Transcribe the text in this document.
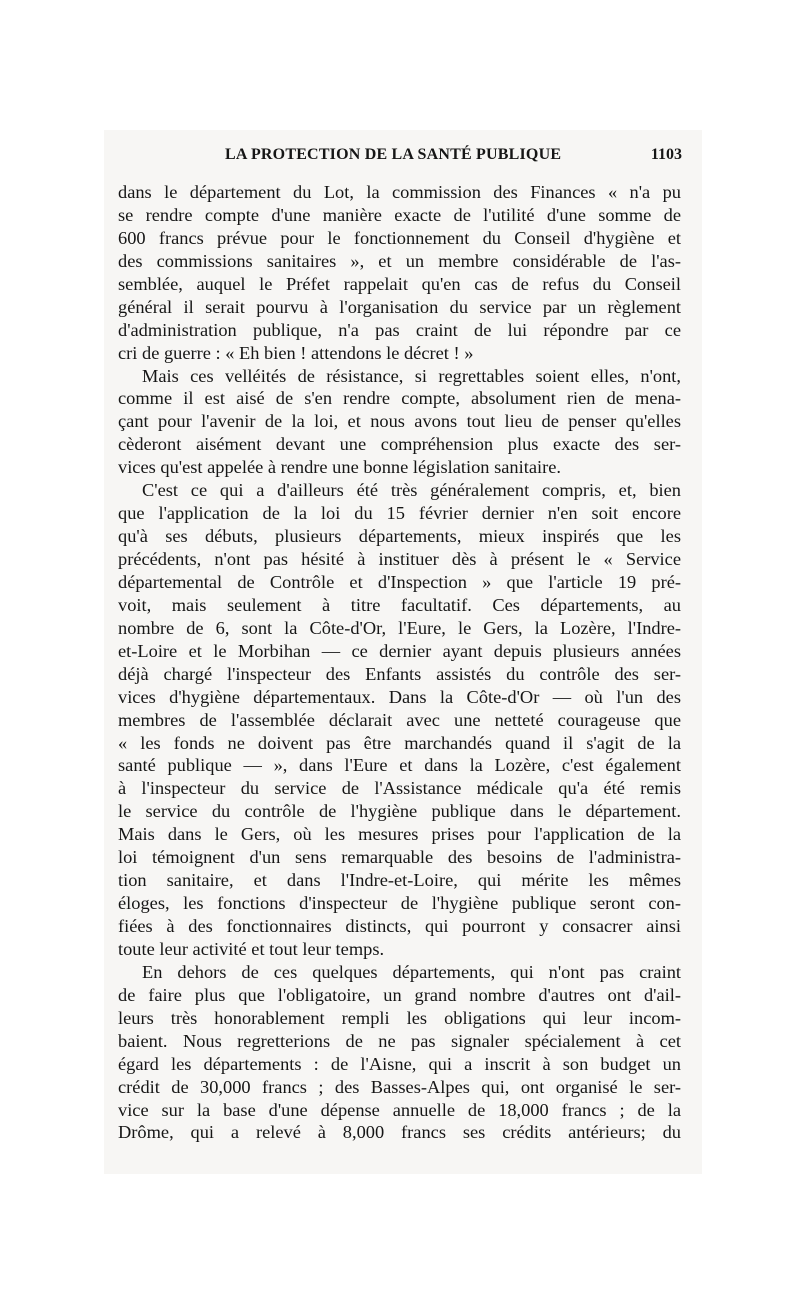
LA PROTECTION DE LA SANTÉ PUBLIQUE	1103
dans le département du Lot, la commission des Finances « n'a pu
se rendre compte d'une manière exacte de l'utilité d'une somme de
600 francs prévue pour le fonctionnement du Conseil d'hygiène et
des commissions sanitaires », et un membre considérable de l'as-
semblée, auquel le Préfet rappelait qu'en cas de refus du Conseil
général il serait pourvu à l'organisation du service par un règlement
d'administration publique, n'a pas craint de lui répondre par ce
cri de guerre : « Eh bien ! attendons le décret ! »
Mais ces velléités de résistance, si regrettables soient elles, n'ont,
comme il est aisé de s'en rendre compte, absolument rien de mena-
çant pour l'avenir de la loi, et nous avons tout lieu de penser qu'elles
cèderont aisément devant une compréhension plus exacte des ser-
vices qu'est appelée à rendre une bonne législation sanitaire.
C'est ce qui a d'ailleurs été très généralement compris, et, bien
que l'application de la loi du 15 février dernier n'en soit encore
qu'à ses débuts, plusieurs départements, mieux inspirés que les
précédents, n'ont pas hésité à instituer dès à présent le « Service
départemental de Contrôle et d'Inspection » que l'article 19 pré-
voit, mais seulement à titre facultatif. Ces départements, au
nombre de 6, sont la Côte-d'Or, l'Eure, le Gers, la Lozère, l'Indre-
et-Loire et le Morbihan — ce dernier ayant depuis plusieurs années
déjà chargé l'inspecteur des Enfants assistés du contrôle des ser-
vices d'hygiène départementaux. Dans la Côte-d'Or — où l'un des
membres de l'assemblée déclarait avec une netteté courageuse que
« les fonds ne doivent pas être marchandés quand il s'agit de la
santé publique — », dans l'Eure et dans la Lozère, c'est également
à l'inspecteur du service de l'Assistance médicale qu'a été remis
le service du contrôle de l'hygiène publique dans le département.
Mais dans le Gers, où les mesures prises pour l'application de la
loi témoignent d'un sens remarquable des besoins de l'administra-
tion sanitaire, et dans l'Indre-et-Loire, qui mérite les mêmes
éloges, les fonctions d'inspecteur de l'hygiène publique seront con-
fiées à des fonctionnaires distincts, qui pourront y consacrer ainsi
toute leur activité et tout leur temps.
En dehors de ces quelques départements, qui n'ont pas craint
de faire plus que l'obligatoire, un grand nombre d'autres ont d'ail-
leurs très honorablement rempli les obligations qui leur incom-
baient. Nous regretterions de ne pas signaler spécialement à cet
égard les départements : de l'Aisne, qui a inscrit à son budget un
crédit de 30,000 francs ; des Basses-Alpes qui, ont organisé le ser-
vice sur la base d'une dépense annuelle de 18,000 francs ; de la
Drôme, qui a relevé à 8,000 francs ses crédits antérieurs; du
